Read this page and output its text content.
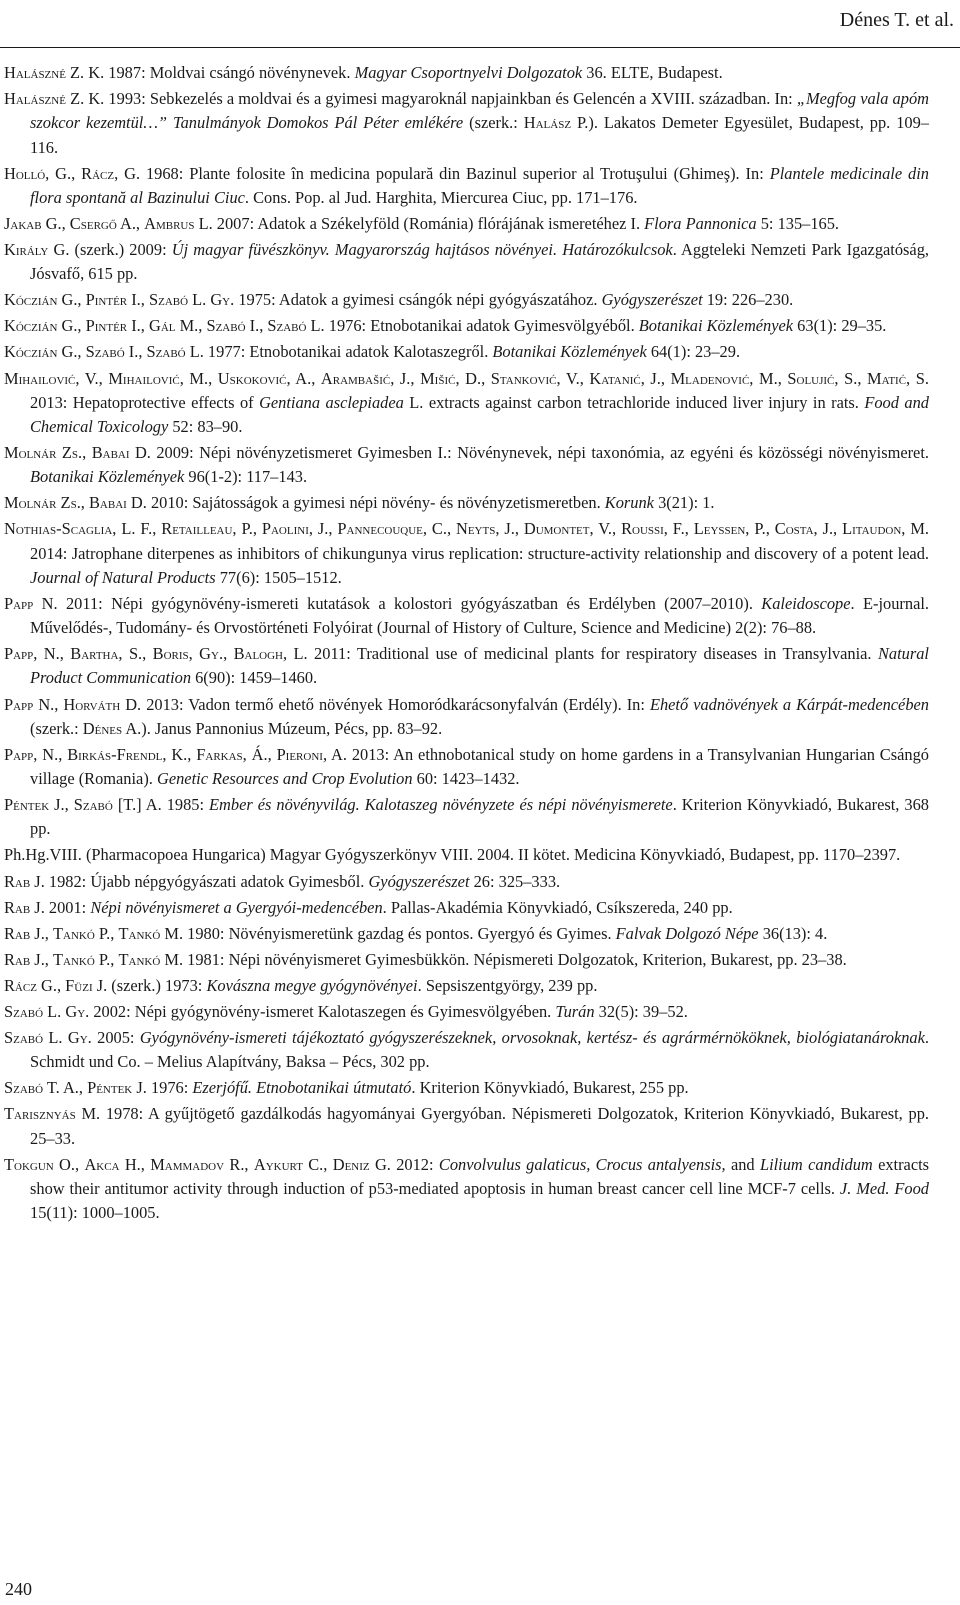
Dénes T. et al.

Halászné Z. K. 1987: Moldvai csángó növénynevek. Magyar Csoportnyelvi Dolgozatok 36. ELTE, Budapest.

Halászné Z. K. 1993: Sebkezelés a moldvai és a gyimesi magyaroknál napjainkban és Gelencén a XVIII. században. In: „Megfog vala apóm szokcor kezemtül…” Tanulmányok Domokos Pál Péter emlékére (szerk.: Halász P.). Lakatos Demeter Egyesület, Budapest, pp. 109–116.

Holló, G., Rácz, G. 1968: Plante folosite în medicina populară din Bazinul superior al Trotuşului (Ghimeş). In: Plantele medicinale din flora spontană al Bazinului Ciuc. Cons. Pop. al Jud. Harghita, Miercurea Ciuc, pp. 171–176.

Jakab G., Csergő A., Ambrus L. 2007: Adatok a Székelyföld (Románia) flórájának ismeretéhez I. Flora Pannonica 5: 135–165.

Király G. (szerk.) 2009: Új magyar füvészkönyv. Magyarország hajtásos növényei. Határozókulcsok. Aggteleki Nemzeti Park Igazgatóság, Jósvafő, 615 pp.

Kóczián G., Pintér I., Szabó L. Gy. 1975: Adatok a gyimesi csángók népi gyógyászatához. Gyógyszerészet 19: 226–230.

Kóczián G., Pintér I., Gál M., Szabó I., Szabó L. 1976: Etnobotanikai adatok Gyimesvölgyéből. Botanikai Közlemények 63(1): 29–35.

Kóczián G., Szabó I., Szabó L. 1977: Etnobotanikai adatok Kalotaszegről. Botanikai Közlemények 64(1): 23–29.

Mihailović, V., Mihailović, M., Uskoković, A., Arambašić, J., Mišić, D., Stanković, V., Katanić, J., Mladenović, M., Solujić, S., Matić, S. 2013: Hepatoprotective effects of Gentiana asclepiadea L. extracts against carbon tetrachloride induced liver injury in rats. Food and Chemical Toxicology 52: 83–90.

Molnár Zs., Babai D. 2009: Népi növényzetismeret Gyimesben I.: Növénynevek, népi taxonómia, az egyéni és közösségi növényismeret. Botanikai Közlemények 96(1-2): 117–143.

Molnár Zs., Babai D. 2010: Sajátosságok a gyimesi népi növény- és növényzetismeretben. Korunk 3(21): 1.

Nothias-Scaglia, L. F., Retailleau, P., Paolini, J., Pannecouque, C., Neyts, J., Dumontet, V., Roussi, F., Leyssen, P., Costa, J., Litaudon, M. 2014: Jatrophane diterpenes as inhibitors of chikungunya virus replication: structure-activity relationship and discovery of a potent lead. Journal of Natural Products 77(6): 1505–1512.

Papp N. 2011: Népi gyógynövény-ismereti kutatások a kolostori gyógyászatban és Erdélyben (2007–2010). Kaleidoscope. E-journal. Művelődés-, Tudomány- és Orvostörténeti Folyóirat (Journal of History of Culture, Science and Medicine) 2(2): 76–88.

Papp, N., Bartha, S., Boris, Gy., Balogh, L. 2011: Traditional use of medicinal plants for respiratory diseases in Transylvania. Natural Product Communication 6(90): 1459–1460.

Papp N., Horváth D. 2013: Vadon termő ehető növények Homoródkarácsonyfalván (Erdély). In: Ehető vadnövények a Kárpát-medencében (szerk.: Dénes A.). Janus Pannonius Múzeum, Pécs, pp. 83–92.

Papp, N., Birkás-Frendl, K., Farkas, Á., Pieroni, A. 2013: An ethnobotanical study on home gardens in a Transylvanian Hungarian Csángó village (Romania). Genetic Resources and Crop Evolution 60: 1423–1432.

Péntek J., Szabó [T.] A. 1985: Ember és növényvilág. Kalotaszeg növényzete és népi növényismerete. Kriterion Könyvkiadó, Bukarest, 368 pp.

Ph.Hg.VIII. (Pharmacopoea Hungarica) Magyar Gyógyszerkönyv VIII. 2004. II kötet. Medicina Könyvkiadó, Budapest, pp. 1170–2397.

Rab J. 1982: Újabb népgyógyászati adatok Gyimesből. Gyógyszerészet 26: 325–333.

Rab J. 2001: Népi növényismeret a Gyergyói-medencében. Pallas-Akadémia Könyvkiadó, Csíkszereda, 240 pp.

Rab J., Tankó P., Tankó M. 1980: Növényismeretünk gazdag és pontos. Gyergyó és Gyimes. Falvak Dolgozó Népe 36(13): 4.

Rab J., Tankó P., Tankó M. 1981: Népi növényismeret Gyimesbükkön. Népismereti Dolgozatok, Kriterion, Bukarest, pp. 23–38.

Rácz G., Füzi J. (szerk.) 1973: Kovászna megye gyógynövényei. Sepsiszentgyörgy, 239 pp.

Szabó L. Gy. 2002: Népi gyógynövény-ismeret Kalotaszegen és Gyimesvölgyében. Turán 32(5): 39–52.

Szabó L. Gy. 2005: Gyógynövény-ismereti tájékoztató gyógyszerészeknek, orvosoknak, kertész- és agrármérnököknek, biológiatanároknak. Schmidt und Co. – Melius Alapítvány, Baksa – Pécs, 302 pp.

Szabó T. A., Péntek J. 1976: Ezerjófű. Etnobotanikai útmutató. Kriterion Könyvkiadó, Bukarest, 255 pp.

Tarisznyás M. 1978: A gyűjtögető gazdálkodás hagyományai Gyergyóban. Népismereti Dolgozatok, Kriterion Könyvkiadó, Bukarest, pp. 25–33.

Tokgun O., Akca H., Mammadov R., Aykurt C., Deniz G. 2012: Convolvulus galaticus, Crocus antalyensis, and Lilium candidum extracts show their antitumor activity through induction of p53-mediated apoptosis in human breast cancer cell line MCF-7 cells. J. Med. Food 15(11): 1000–1005.

240
